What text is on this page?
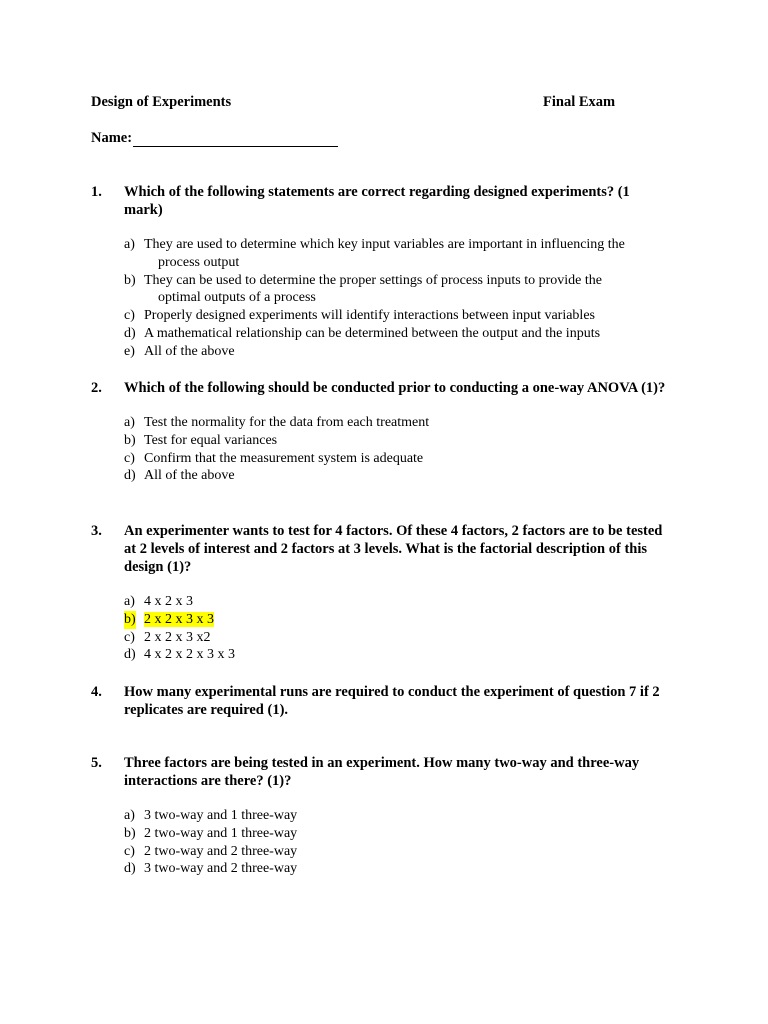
Design of Experiments	Final Exam
Name:
1. Which of the following statements are correct regarding designed experiments? (1 mark)
a) They are used to determine which key input variables are important in influencing the
process output
b) They can be used to determine the proper settings of process inputs to provide the
optimal outputs of a process
c) Properly designed experiments will identify interactions between input variables
d) A mathematical relationship can be determined between the output and the inputs
e) All of the above
2. Which of the following should be conducted prior to conducting a one-way ANOVA (1)?
a) Test the normality for the data from each treatment
b) Test for equal variances
c) Confirm that the measurement system is adequate
d) All of the above
3. An experimenter wants to test for 4 factors. Of these 4 factors, 2 factors are to be tested at 2 levels of interest and 2 factors at 3 levels. What is the factorial description of this design (1)?
a) 4 x 2 x 3
b) 2 x 2 x 3 x 3
c) 2 x 2 x 3 x2
d) 4 x 2 x 2 x 3 x 3
4. How many experimental runs are required to conduct the experiment of question 7 if 2 replicates are required (1).
5. Three factors are being tested in an experiment. How many two-way and three-way interactions are there? (1)?
a) 3 two-way and 1 three-way
b) 2 two-way and 1 three-way
c) 2 two-way and 2 three-way
d) 3 two-way and 2 three-way
